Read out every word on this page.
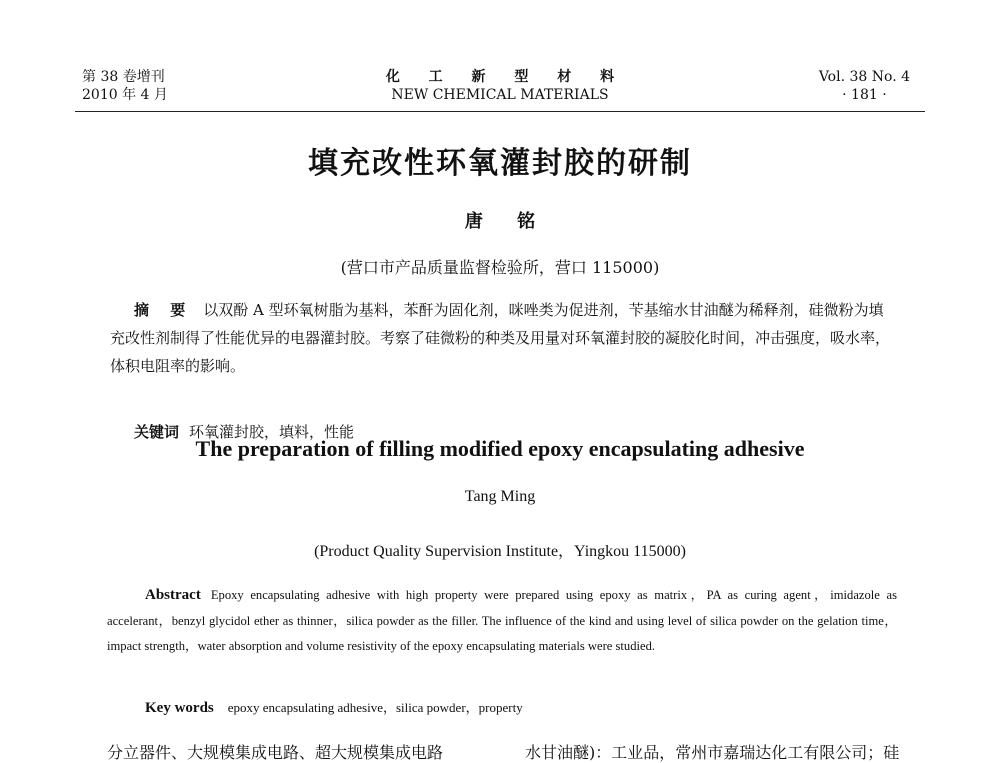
第 38 卷增刊
2010 年 4 月
化 工 新 型 材 料
NEW CHEMICAL MATERIALS
Vol. 38 No. 4
· 181 ·
填充改性环氧灌封胶的研制
唐 铭
(营口市产品质量监督检验所，营口 115000)
摘 要 以双酚 A 型环氧树脂为基料，苯酐为固化剂，咪唑类为促进剂，苄基缩水甘油醚为稀释剂，硅微粉为填充改性剂制得了性能优异的电器灌封胶。考察了硅微粉的种类及用量对环氧灌封胶的凝胶化时间，冲击强度，吸水率，体积电阻率的影响。
关键词 环氧灌封胶，填料，性能
The preparation of filling modified epoxy encapsulating adhesive
Tang Ming
(Product Quality Supervision Institute，Yingkou 115000)
Abstract Epoxy encapsulating adhesive with high property were prepared using epoxy as matrix，PA as curing agent，imidazole as accelerant，benzyl glycidol ether as thinner，silica powder as the filler. The influence of the kind and using level of silica powder on the gelation time，impact strength，water absorption and volume resistivity of the epoxy encapsulating materials were studied.
Key words epoxy encapsulating adhesive，silica powder，property
分立器件、大规模集成电路、超大规模集成电路	水甘油醚)：工业品，常州市嘉瑞达化工有限公司；硅
